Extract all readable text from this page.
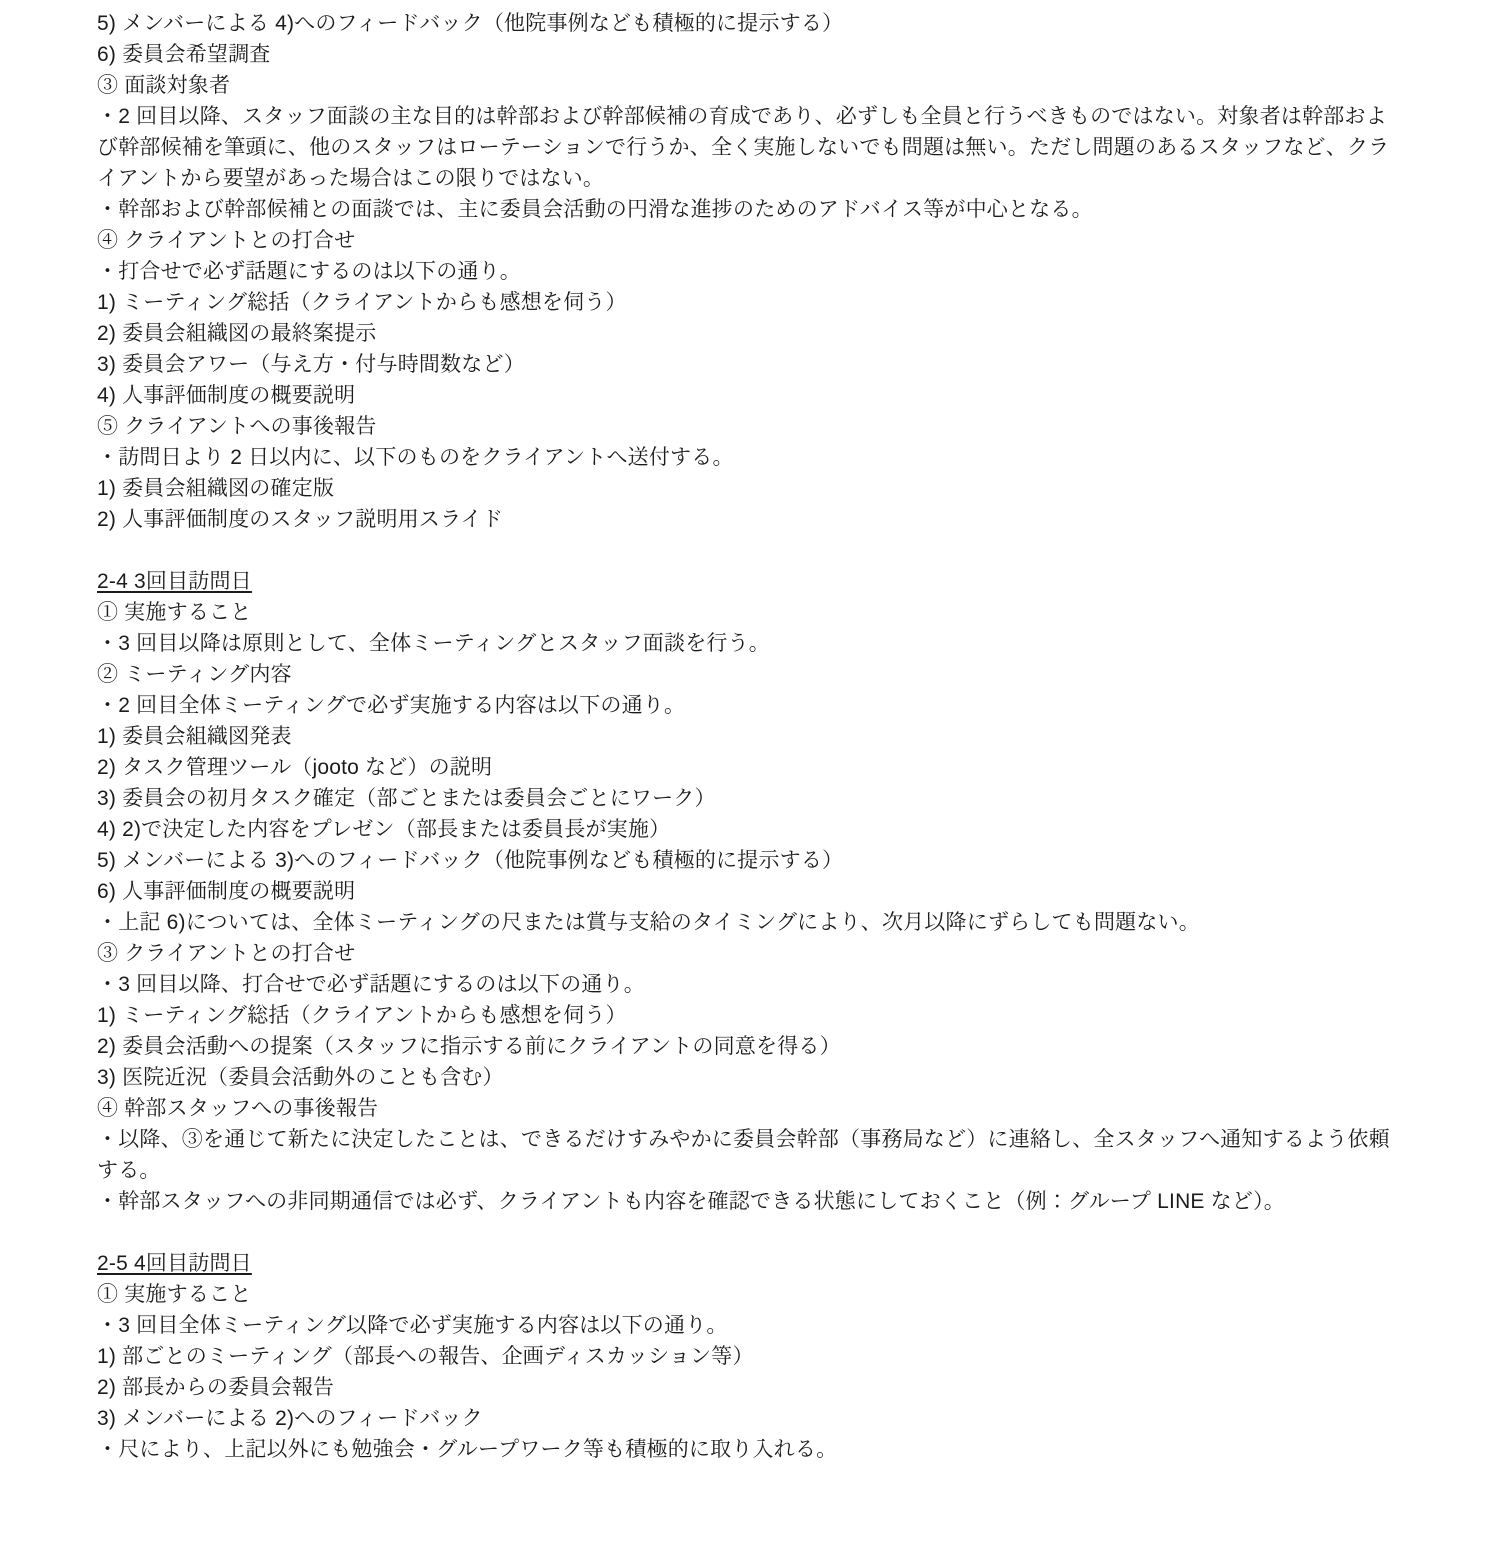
5) メンバーによる 4)へのフィードバック（他院事例なども積極的に提示する）

6) 委員会希望調査

③ 面談対象者

・2 回目以降、スタッフ面談の主な目的は幹部および幹部候補の育成であり、必ずしも全員と行うべきものではない。対象者は幹部および幹部候補を筆頭に、他のスタッフはローテーションで行うか、全く実施しないでも問題は無い。ただし問題のあるスタッフなど、クライアントから要望があった場合はこの限りではない。

・幹部および幹部候補との面談では、主に委員会活動の円滑な進捗のためのアドバイス等が中心となる。

④ クライアントとの打合せ

・打合せで必ず話題にするのは以下の通り。

1) ミーティング総括（クライアントからも感想を伺う）

2) 委員会組織図の最終案提示

3) 委員会アワー（与え方・付与時間数など）

4) 人事評価制度の概要説明

⑤ クライアントへの事後報告

・訪問日より 2 日以内に、以下のものをクライアントへ送付する。

1) 委員会組織図の確定版

2) 人事評価制度のスタッフ説明用スライド

2-4 3回目訪問日

① 実施すること

・3 回目以降は原則として、全体ミーティングとスタッフ面談を行う。

② ミーティング内容

・2 回目全体ミーティングで必ず実施する内容は以下の通り。

1) 委員会組織図発表

2) タスク管理ツール（jooto など）の説明

3) 委員会の初月タスク確定（部ごとまたは委員会ごとにワーク）

4) 2)で決定した内容をプレゼン（部長または委員長が実施）

5) メンバーによる 3)へのフィードバック（他院事例なども積極的に提示する）

6) 人事評価制度の概要説明

・上記 6)については、全体ミーティングの尺または賞与支給のタイミングにより、次月以降にずらしても問題ない。

③ クライアントとの打合せ

・3 回目以降、打合せで必ず話題にするのは以下の通り。

1) ミーティング総括（クライアントからも感想を伺う）

2) 委員会活動への提案（スタッフに指示する前にクライアントの同意を得る）

3) 医院近況（委員会活動外のことも含む）

④ 幹部スタッフへの事後報告

・以降、③を通じて新たに決定したことは、できるだけすみやかに委員会幹部（事務局など）に連絡し、全スタッフへ通知するよう依頼する。

・幹部スタッフへの非同期通信では必ず、クライアントも内容を確認できる状態にしておくこと（例：グループ LINE など）。

2-5 4回目訪問日

① 実施すること

・3 回目全体ミーティング以降で必ず実施する内容は以下の通り。

1) 部ごとのミーティング（部長への報告、企画ディスカッション等）

2) 部長からの委員会報告

3) メンバーによる 2)へのフィードバック

・尺により、上記以外にも勉強会・グループワーク等も積極的に取り入れる。
